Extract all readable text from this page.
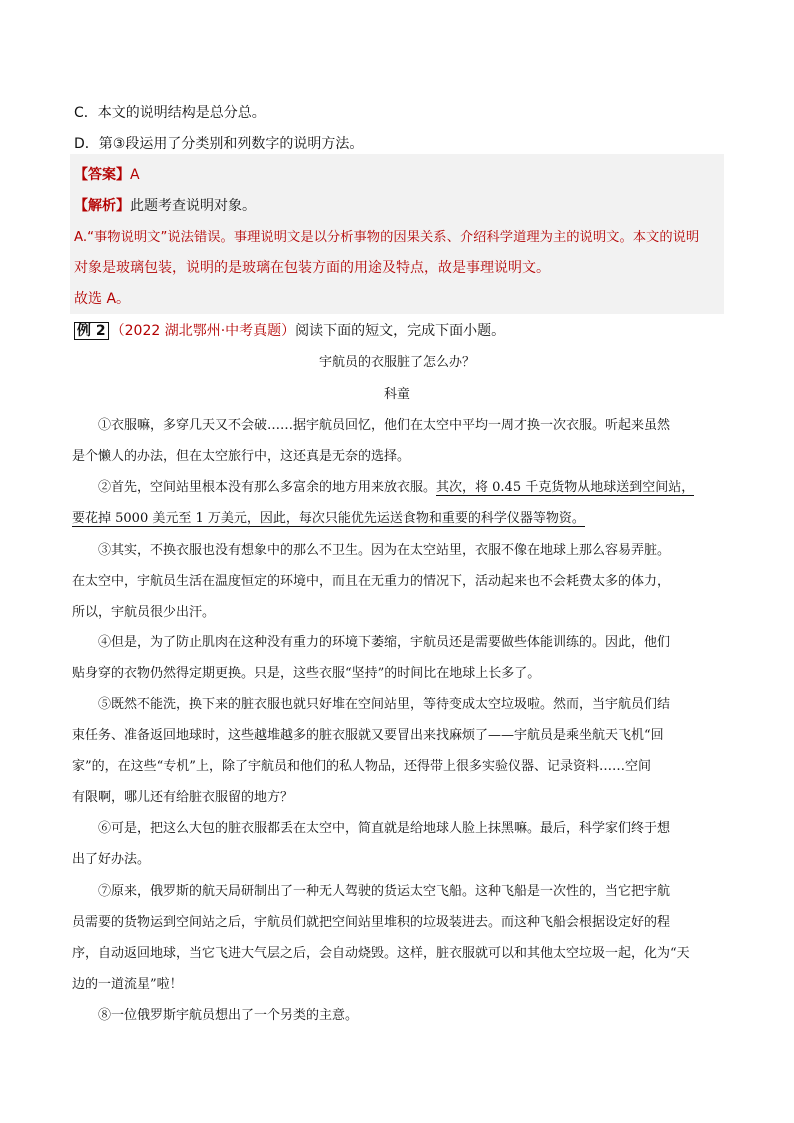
C．本文的说明结构是总分总。
D．第③段运用了分类别和列数字的说明方法。
【答案】A
【解析】此题考查说明对象。
A.“事物说明文”说法错误。事理说明文是以分析事物的因果关系、介绍科学道理为主的说明文。本文的说明
对象是玻璃包装，说明的是玻璃在包装方面的用途及特点，故是事理说明文。
故选 A。
例 2 （2022 湖北鄂州·中考真题）阅读下面的短文，完成下面小题。
宇航员的衣服脏了怎么办？
科童

①衣服嘛，多穿几天又不会破……据宇航员回忆，他们在太空中平均一周才换一次衣服。听起来虽然

是个懒人的办法，但在太空旅行中，这还真是无奈的选择。

②首先，空间站里根本没有那么多富余的地方用来放衣服。其次，将 0.45 千克货物从地球送到空间站，

要花掉 5000 美元至 1 万美元，因此，每次只能优先运送食物和重要的科学仪器等物资。

③其实，不换衣服也没有想象中的那么不卫生。因为在太空站里，衣服不像在地球上那么容易弄脏。

在太空中，宇航员生活在温度恒定的环境中，而且在无重力的情况下，活动起来也不会耗费太多的体力，

所以，宇航员很少出汗。

④但是，为了防止肌肉在这种没有重力的环境下萎缩，宇航员还是需要做些体能训练的。因此，他们

贴身穿的衣物仍然得定期更换。只是，这些衣服“坚持”的时间比在地球上长多了。

⑤既然不能洗，换下来的脏衣服也就只好堆在空间站里，等待变成太空垃圾啦。然而，当宇航员们结

束任务、准备返回地球时，这些越堆越多的脏衣服就又要冒出来找麻烦了——宇航员是乘坐航天飞机“回

家”的，在这些“专机”上，除了宇航员和他们的私人物品，还得带上很多实验仪器、记录资料……空间

有限啊，哪儿还有给脏衣服留的地方？

⑥可是，把这么大包的脏衣服都丢在太空中，简直就是给地球人脸上抹黑嘛。最后，科学家们终于想

出了好办法。

⑦原来，俄罗斯的航天局研制出了一种无人驾驶的货运太空飞船。这种飞船是一次性的，当它把宇航

员需要的货物运到空间站之后，宇航员们就把空间站里堆积的垃圾装进去。而这种飞船会根据设定好的程

序，自动返回地球，当它飞进大气层之后，会自动烧毁。这样，脏衣服就可以和其他太空垃圾一起，化为“天

边的一道流星”啦！

⑧一位俄罗斯宇航员想出了一个另类的主意。
